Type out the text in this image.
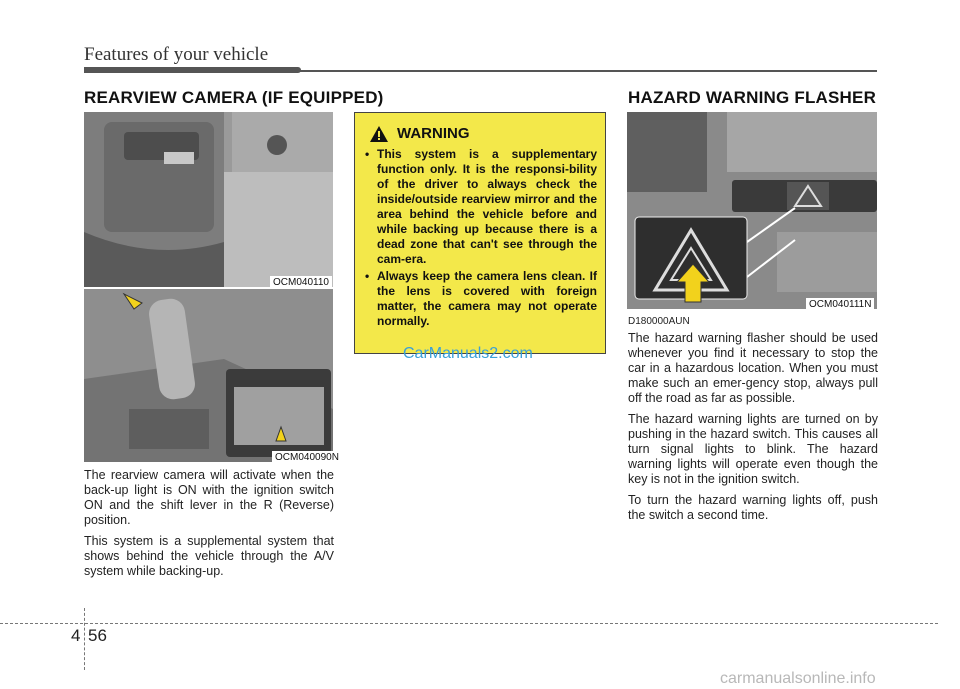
Features of your vehicle
REARVIEW CAMERA (IF EQUIPPED)
OCM040110
OCM040090N

The rearview camera will activate when the back-up light is ON with the ignition switch ON and the shift lever in the R (Reverse) position.

This system is a supplemental system that shows behind the vehicle through the A/V system while backing-up.

WARNING
• This system is a supplementary function only. It is the responsi-bility of the driver to always check the inside/outside rearview mirror and the area behind the vehicle before and while backing up because there is a dead zone that can't see through the cam-era.
• Always keep the camera lens clean. If the lens is covered with foreign matter, the camera may not operate normally.
CarManuals2.com
HAZARD WARNING FLASHER
OCM040111N
D180000AUN

The hazard warning flasher should be used whenever you find it necessary to stop the car in a hazardous location. When you must make such an emer-gency stop, always pull off the road as far as possible.

The hazard warning lights are turned on by pushing in the hazard switch. This causes all turn signal lights to blink. The hazard warning lights will operate even though the key is not in the ignition switch.

To turn the hazard warning lights off, push the switch a second time.

4 56
carmanualsonline.info
